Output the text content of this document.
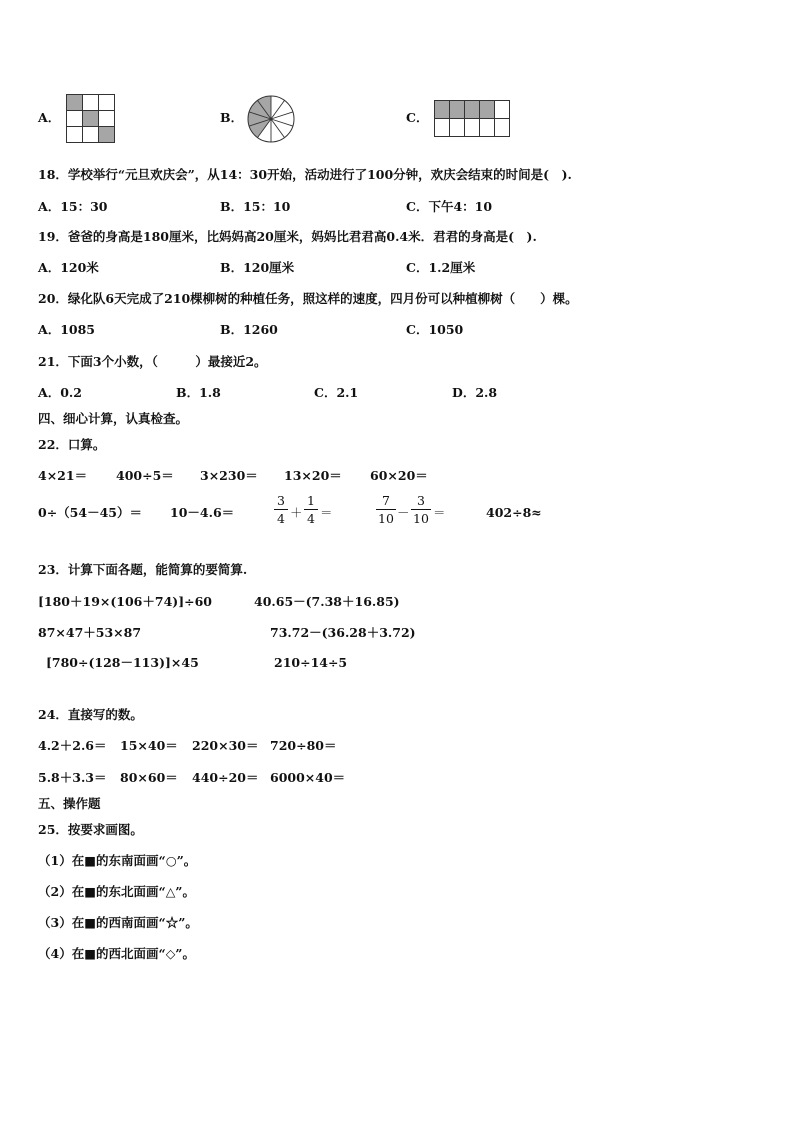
A．	B．	C．
18．学校举行“元旦欢庆会”，从14：30开始，活动进行了100分钟，欢庆会结束的时间是(　).
A．15：30	B．15：10	C．下午4：10
19．爸爸的身高是180厘米，比妈妈高20厘米，妈妈比君君高0.4米．君君的身高是(　).
A．120米	B．120厘米	C．1.2厘米
20．绿化队6天完成了210棵柳树的种植任务，照这样的速度，四月份可以种植柳树（　　）棵。
A．1085	B．1260	C．1050
21．下面3个小数，（　　　）最接近2。
A．0.2	B．1.8	C．2.1	D．2.8
四、细心计算，认真检查。
22．口算。
4×21＝ 400÷5＝ 3×230＝ 13×20＝ 60×20＝
0÷（54－45）＝ 10－4.6＝
3
4 ＋
1
4 ＝
7
10 －
3
10 ＝	402÷8≈
23．计算下面各题，能简算的要简算.
[180＋19×(106＋74)]÷60	40.65－(7.38＋16.85)
87×47＋53×87	73.72－(36.28＋3.72)
[780÷(128－113)]×45	210÷14÷5
24．直接写的数。
4.2＋2.6＝ 15×40＝ 220×30＝ 720÷80＝
5.8＋3.3＝ 80×60＝ 440÷20＝ 6000×40＝
五、操作题
25．按要求画图。
（1）在■的东南面画“○”。
（2）在■的东北面画“△”。
（3）在■的西南面画“☆”。
（4）在■的西北面画“◇”。
